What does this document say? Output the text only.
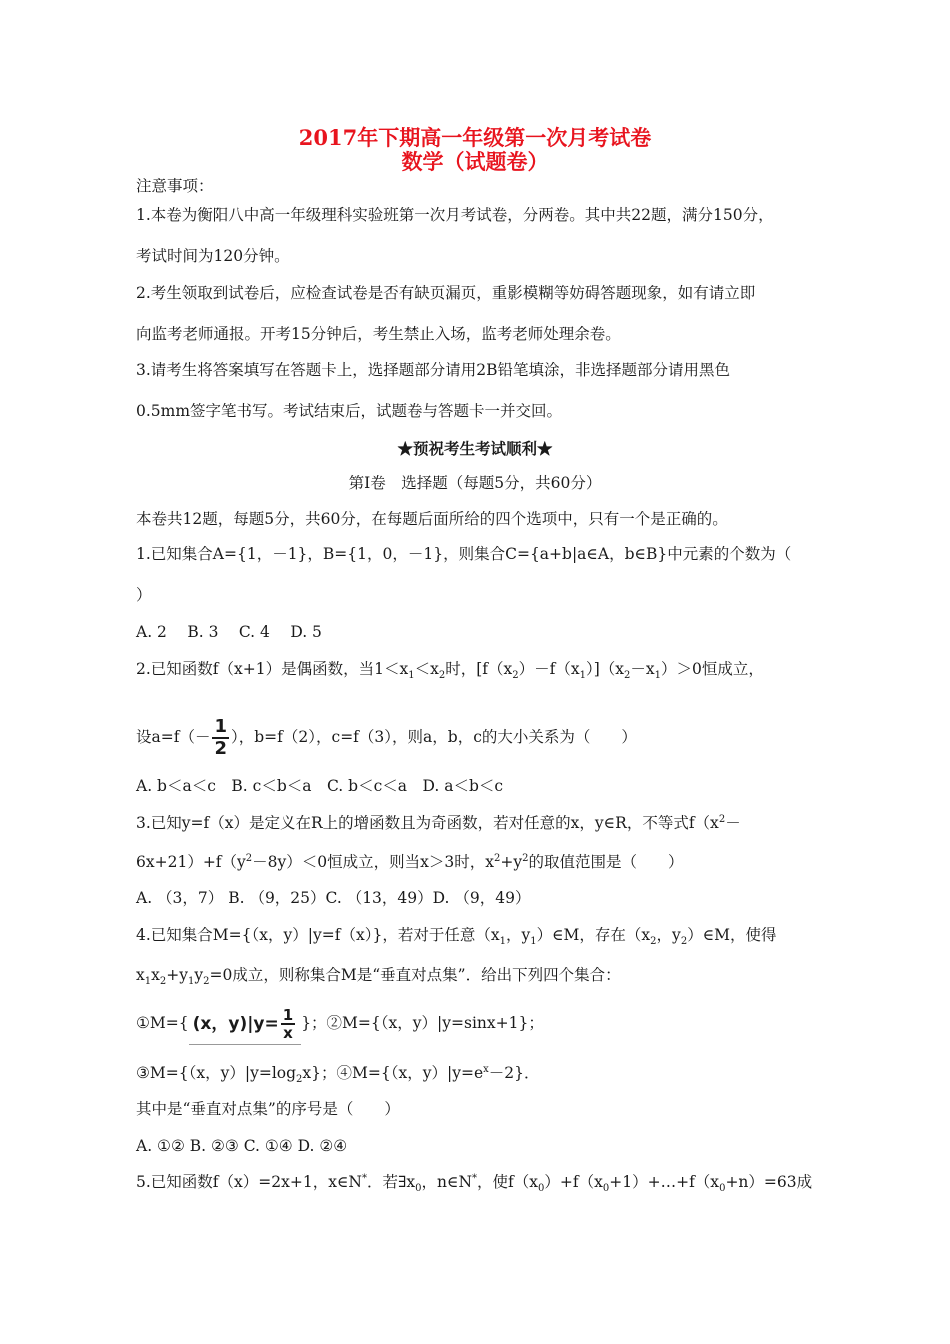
2017年下期高一年级第一次月考试卷
数学（试题卷）
注意事项：
1.本卷为衡阳八中高一年级理科实验班第一次月考试卷，分两卷。其中共22题，满分150分，
考试时间为120分钟。
2.考生领取到试卷后，应检查试卷是否有缺页漏页，重影模糊等妨碍答题现象，如有请立即
向监考老师通报。开考15分钟后，考生禁止入场，监考老师处理余卷。
3.请考生将答案填写在答题卡上，选择题部分请用2B铅笔填涂，非选择题部分请用黑色
0.5mm签字笔书写。考试结束后，试题卷与答题卡一并交回。
★预祝考生考试顺利★
第Ⅰ卷　选择题（每题5分，共60分）
本卷共12题，每题5分，共60分，在每题后面所给的四个选项中，只有一个是正确的。
1.已知集合A={1，－1}，B={1，0，－1}，则集合C={a+b|a∈A，b∈B}中元素的个数为（
）
A. 2　 B. 3　 C. 4　 D. 5
2.已知函数f（x+1）是偶函数，当$1<x_1<x_2$时，$[f(x_2)-f(x_1)](x_2-x_1)>0$恒成立，
设$a=f(- \frac{1}{2}$ ），b=f（2），c=f（3），则a，b，c的大小关系为（　　）
A. b＜a＜c　B. c＜b＜a　C. b＜c＜a　D. a＜b＜c
3.已知y=f（x）是定义在R上的增函数且为奇函数，若对任意的x，y∈R，不等式$f(x^2-$
$6x+21)+f(y^2-8y)<0$恒成立，则当x＞3时，$x^2+y^2$的取值范围是（　　）
A. （3，7） B. （9，25）C. （13，49）D. （9，49）
4.已知集合M={（x，y）|y=f（x）}，若对于任意（$x_1$，$y_1)\in M$，存在（$x_2$，$y_2)\in M$，使得
$x_1x_2+y_1y_2=0$成立，则称集合M是“垂直对点集”．给出下列四个集合：
①M={ (x，$y)|y= \frac{1}{x}$ }；②M={（x，y）|y=sinx+1}；
③M={（x，$y)|y=\log_2x$}；④M={（x，$y)|y=e^x-2$}．
其中是“垂直对点集”的序号是（　　）
A. ①② B. ②③ C. ①④ D. ②④
5.已知函数f（x）=2x+1，x∈N*．若$\exists x_0$，n∈N*，使$f(x_0)+f(x_0+1)+\dots+f(x_0+n)=63$成
